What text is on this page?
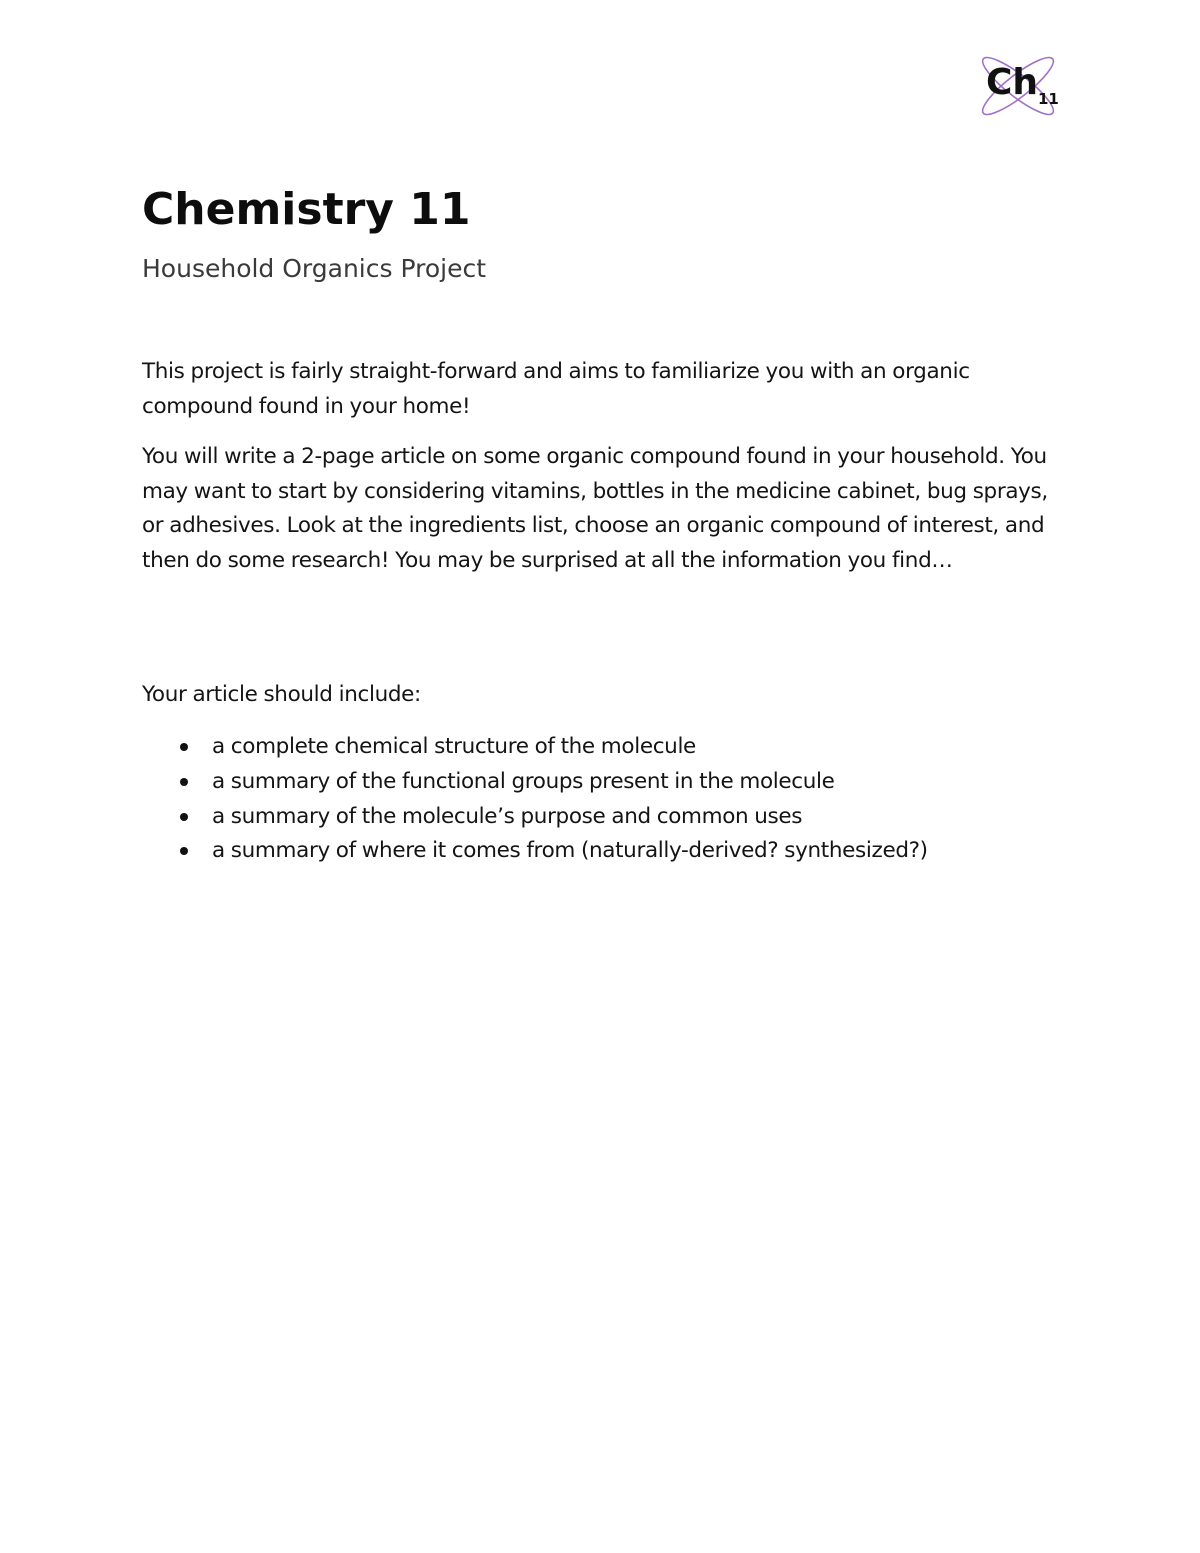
Ch 11
Chemistry 11
Household Organics Project

This project is fairly straight-forward and aims to familiarize you with an organic compound found in your home!

You will write a 2-page article on some organic compound found in your household. You may want to start by considering vitamins, bottles in the medicine cabinet, bug sprays, or adhesives. Look at the ingredients list, choose an organic compound of interest, and then do some research! You may be surprised at all the information you find…

Your article should include:

a complete chemical structure of the molecule
a summary of the functional groups present in the molecule
a summary of the molecule’s purpose and common uses
a summary of where it comes from (naturally-derived? synthesized?)
